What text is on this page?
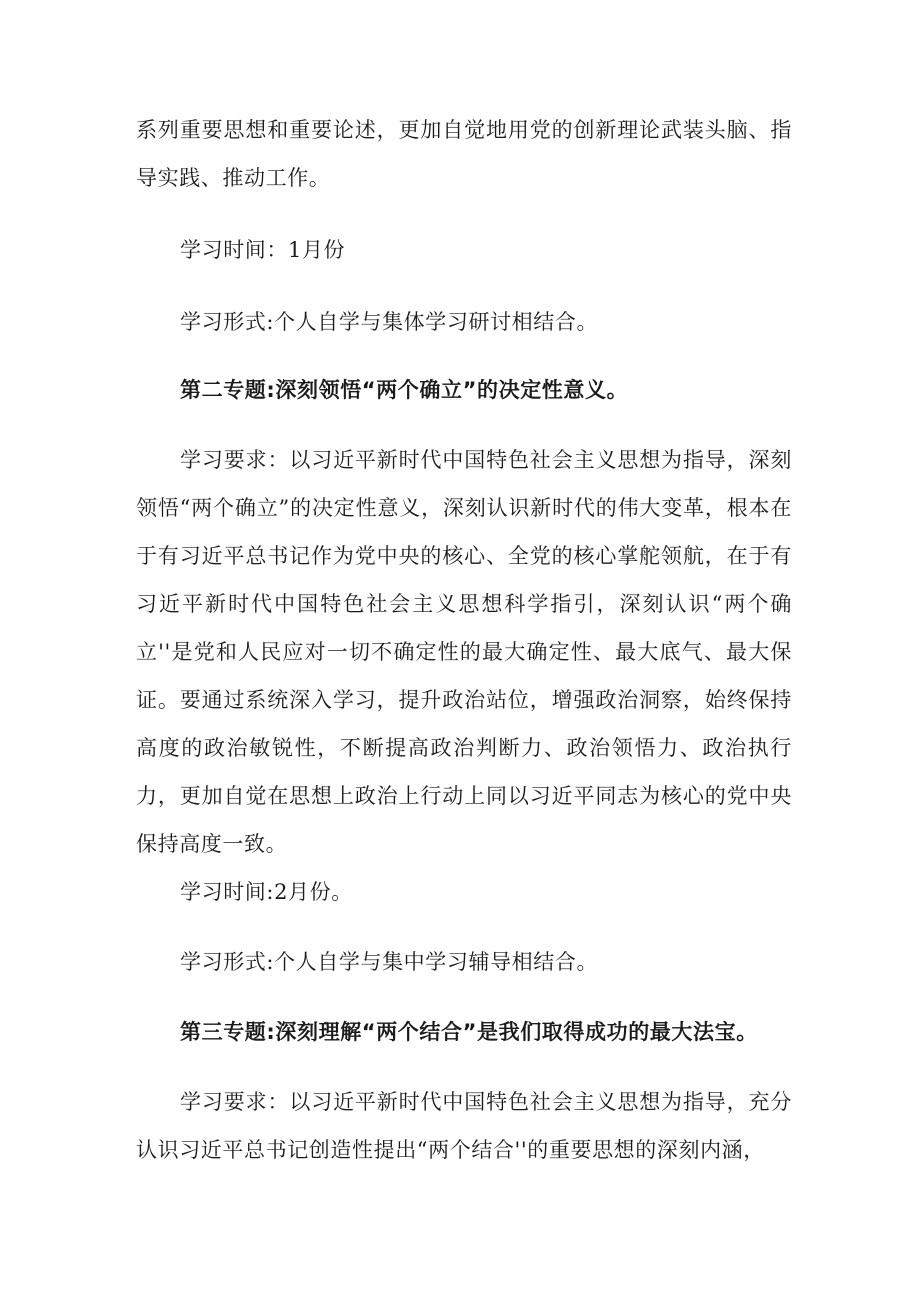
系列重要思想和重要论述，更加自觉地用党的创新理论武装头脑、指导实践、推动工作。

学习时间：1月份

学习形式:个人自学与集体学习研讨相结合。

第二专题:深刻领悟“两个确立”的决定性意义。

学习要求：以习近平新时代中国特色社会主义思想为指导，深刻领悟“两个确立”的决定性意义，深刻认识新时代的伟大变革，根本在于有习近平总书记作为党中央的核心、全党的核心掌舵领航，在于有习近平新时代中国特色社会主义思想科学指引，深刻认识“两个确立''是党和人民应对一切不确定性的最大确定性、最大底气、最大保证。要通过系统深入学习，提升政治站位，增强政治洞察，始终保持高度的政治敏锐性，不断提高政治判断力、政治领悟力、政治执行力，更加自觉在思想上政治上行动上同以习近平同志为核心的党中央保持高度一致。

学习时间:2月份。

学习形式:个人自学与集中学习辅导相结合。

第三专题:深刻理解“两个结合”是我们取得成功的最大法宝。

学习要求：以习近平新时代中国特色社会主义思想为指导，充分认识习近平总书记创造性提出“两个结合''的重要思想的深刻内涵，
